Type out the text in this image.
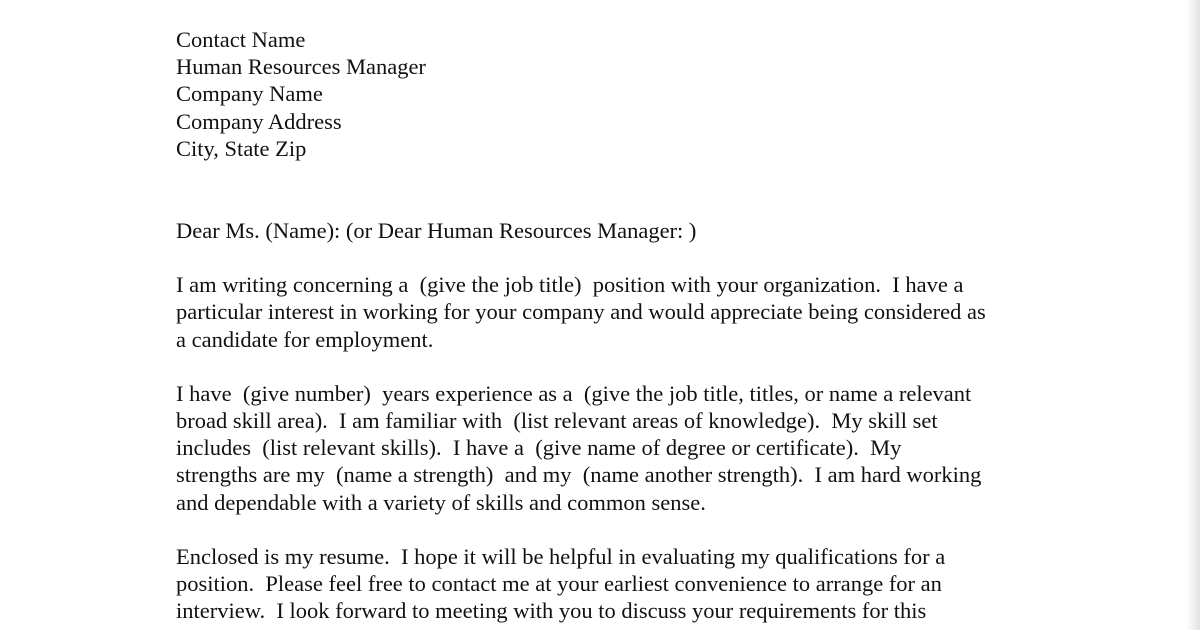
Contact Name
Human Resources Manager
Company Name
Company Address
City, State Zip
Dear Ms. (Name): (or Dear Human Resources Manager: )
I am writing concerning a  (give the job title)  position with your organization.  I have a
particular interest in working for your company and would appreciate being considered as
a candidate for employment.
I have  (give number)  years experience as a  (give the job title, titles, or name a relevant
broad skill area).  I am familiar with  (list relevant areas of knowledge).  My skill set
includes  (list relevant skills).  I have a  (give name of degree or certificate).  My
strengths are my  (name a strength)  and my  (name another strength).  I am hard working
and dependable with a variety of skills and common sense.
Enclosed is my resume.  I hope it will be helpful in evaluating my qualifications for a
position.  Please feel free to contact me at your earliest convenience to arrange for an
interview.  I look forward to meeting with you to discuss your requirements for this
